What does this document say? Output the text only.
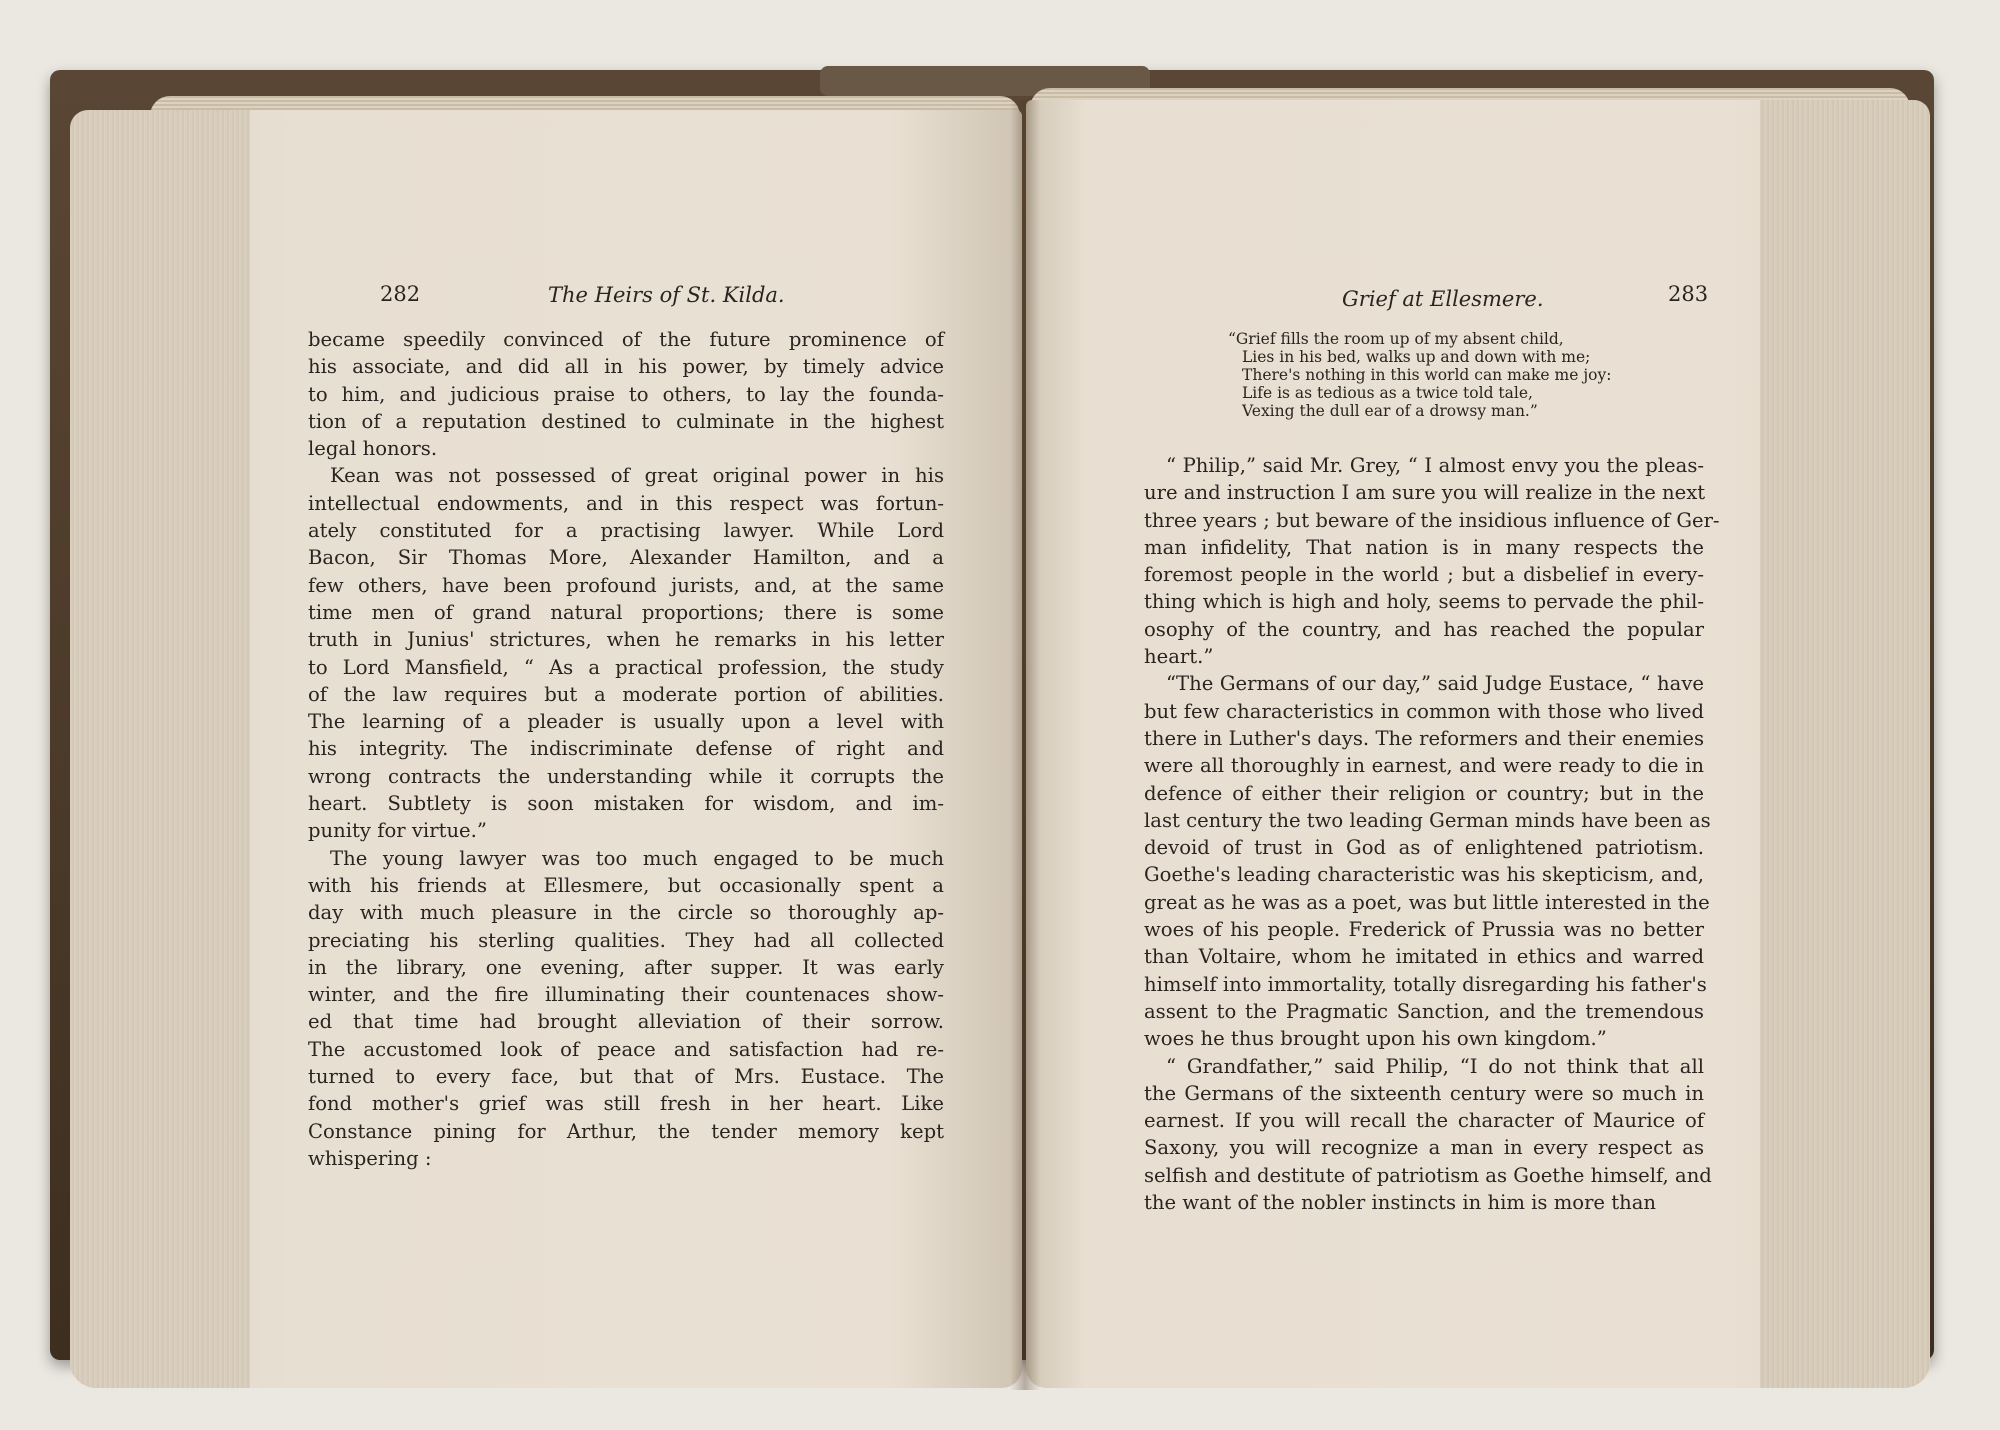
282	The Heirs of St. Kilda.	Grief at Ellesmere.	283
became speedily convinced of the future prominence of
his associate, and did all in his power, by timely advice
to him, and judicious praise to others, to lay the founda-
tion of a reputation destined to culminate in the highest
legal honors.
Kean was not possessed of great original power in his
intellectual endowments, and in this respect was fortun-
ately constituted for a practising lawyer. While Lord
Bacon, Sir Thomas More, Alexander Hamilton, and a
few others, have been profound jurists, and, at the same
time men of grand natural proportions; there is some
truth in Junius' strictures, when he remarks in his letter
to Lord Mansfield, “ As a practical profession, the study
of the law requires but a moderate portion of abilities.
The learning of a pleader is usually upon a level with
his integrity. The indiscriminate defense of right and
wrong contracts the understanding while it corrupts the
heart. Subtlety is soon mistaken for wisdom, and im-
punity for virtue.”
The young lawyer was too much engaged to be much
with his friends at Ellesmere, but occasionally spent a
day with much pleasure in the circle so thoroughly ap-
preciating his sterling qualities. They had all collected
in the library, one evening, after supper. It was early
winter, and the fire illuminating their countenaces show-
ed that time had brought alleviation of their sorrow.
The accustomed look of peace and satisfaction had re-
turned to every face, but that of Mrs. Eustace. The
fond mother's grief was still fresh in her heart. Like
Constance pining for Arthur, the tender memory kept
whispering :
“Grief fills the room up of my absent child,
Lies in his bed, walks up and down with me;
There's nothing in this world can make me joy:
Life is as tedious as a twice told tale,
Vexing the dull ear of a drowsy man.”
“ Philip,” said Mr. Grey, “ I almost envy you the pleas-
ure and instruction I am sure you will realize in the next
three years ; but beware of the insidious influence of Ger-
man infidelity, That nation is in many respects the
foremost people in the world ; but a disbelief in every-
thing which is high and holy, seems to pervade the phil-
osophy of the country, and has reached the popular
heart.”
“The Germans of our day,” said Judge Eustace, “ have
but few characteristics in common with those who lived
there in Luther's days. The reformers and their enemies
were all thoroughly in earnest, and were ready to die in
defence of either their religion or country; but in the
last century the two leading German minds have been as
devoid of trust in God as of enlightened patriotism.
Goethe's leading characteristic was his skepticism, and,
great as he was as a poet, was but little interested in the
woes of his people. Frederick of Prussia was no better
than Voltaire, whom he imitated in ethics and warred
himself into immortality, totally disregarding his father's
assent to the Pragmatic Sanction, and the tremendous
woes he thus brought upon his own kingdom.”
“ Grandfather,” said Philip, “I do not think that all
the Germans of the sixteenth century were so much in
earnest. If you will recall the character of Maurice of
Saxony, you will recognize a man in every respect as
selfish and destitute of patriotism as Goethe himself, and
the want of the nobler instincts in him is more than
